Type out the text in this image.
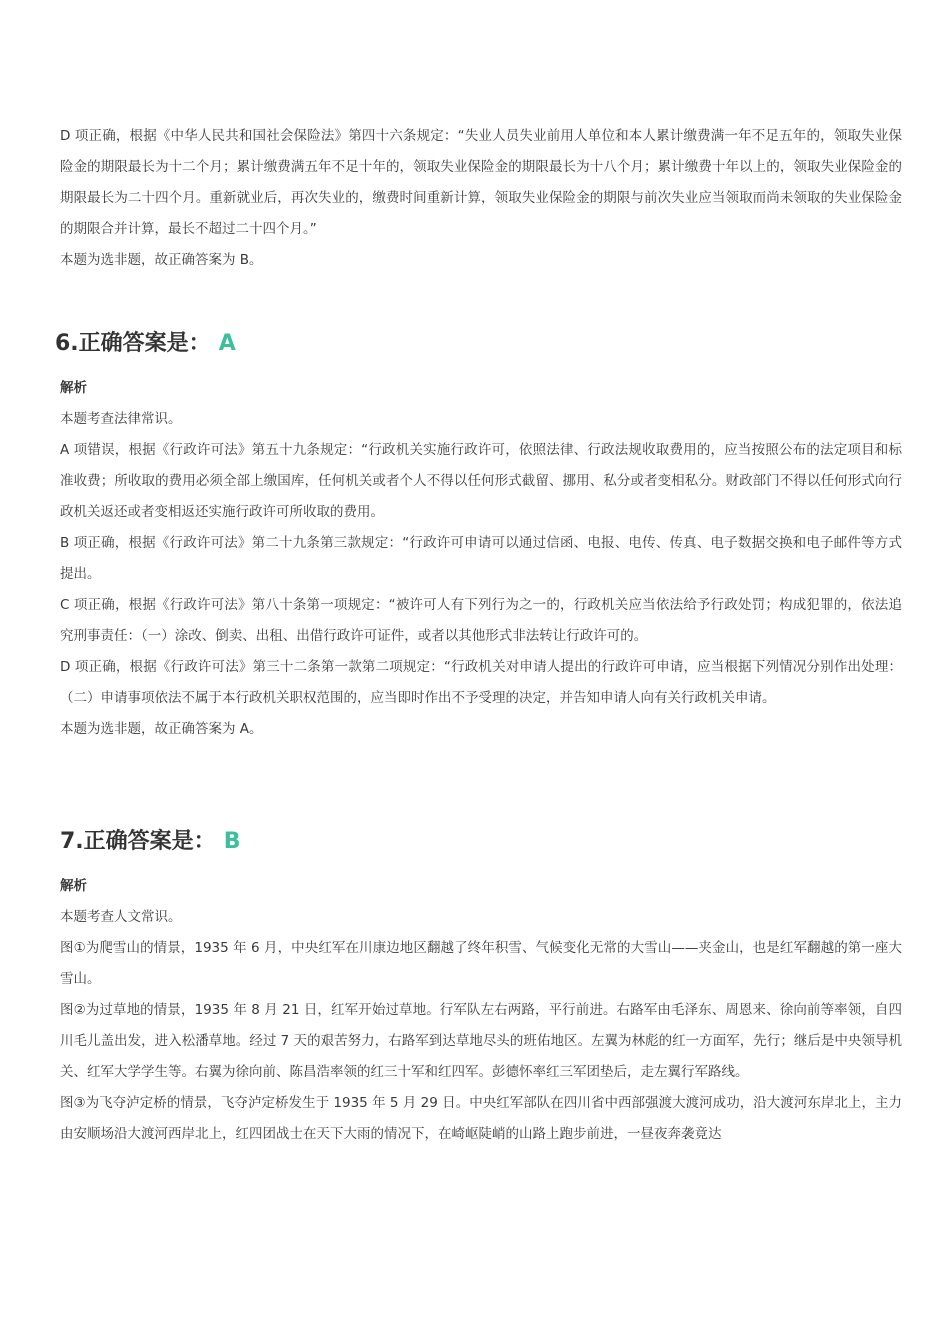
D 项正确，根据《中华人民共和国社会保险法》第四十六条规定：“失业人员失业前用人单位和本人累计缴费满一年不足五年的，领取失业保险金的期限最长为十二个月；累计缴费满五年不足十年的，领取失业保险金的期限最长为十八个月；累计缴费十年以上的，领取失业保险金的期限最长为二十四个月。重新就业后，再次失业的，缴费时间重新计算，领取失业保险金的期限与前次失业应当领取而尚未领取的失业保险金的期限合并计算，最长不超过二十四个月。”

本题为选非题，故正确答案为 B。

6.正确答案是： A

解析

本题考查法律常识。

A 项错误，根据《行政许可法》第五十九条规定：“行政机关实施行政许可，依照法律、行政法规收取费用的，应当按照公布的法定项目和标准收费；所收取的费用必须全部上缴国库，任何机关或者个人不得以任何形式截留、挪用、私分或者变相私分。财政部门不得以任何形式向行政机关返还或者变相返还实施行政许可所收取的费用。

B 项正确，根据《行政许可法》第二十九条第三款规定：“行政许可申请可以通过信函、电报、电传、传真、电子数据交换和电子邮件等方式提出。

C 项正确，根据《行政许可法》第八十条第一项规定：“被许可人有下列行为之一的，行政机关应当依法给予行政处罚；构成犯罪的，依法追究刑事责任：（一）涂改、倒卖、出租、出借行政许可证件，或者以其他形式非法转让行政许可的。

D 项正确，根据《行政许可法》第三十二条第一款第二项规定：“行政机关对申请人提出的行政许可申请，应当根据下列情况分别作出处理：（二）申请事项依法不属于本行政机关职权范围的，应当即时作出不予受理的决定，并告知申请人向有关行政机关申请。

本题为选非题，故正确答案为 A。

7.正确答案是： B

解析

本题考查人文常识。

图①为爬雪山的情景，1935 年 6 月，中央红军在川康边地区翻越了终年积雪、气候变化无常的大雪山——夹金山，也是红军翻越的第一座大雪山。

图②为过草地的情景，1935 年 8 月 21 日，红军开始过草地。行军队左右两路，平行前进。右路军由毛泽东、周恩来、徐向前等率领，自四川毛儿盖出发，进入松潘草地。经过 7 天的艰苦努力，右路军到达草地尽头的班佑地区。左翼为林彪的红一方面军，先行；继后是中央领导机关、红军大学学生等。右翼为徐向前、陈昌浩率领的红三十军和红四军。彭德怀率红三军团垫后，走左翼行军路线。

图③为飞夺泸定桥的情景，飞夺泸定桥发生于 1935 年 5 月 29 日。中央红军部队在四川省中西部强渡大渡河成功，沿大渡河东岸北上，主力由安顺场沿大渡河西岸北上，红四团战士在天下大雨的情况下，在崎岖陡峭的山路上跑步前进，一昼夜奔袭竟达
